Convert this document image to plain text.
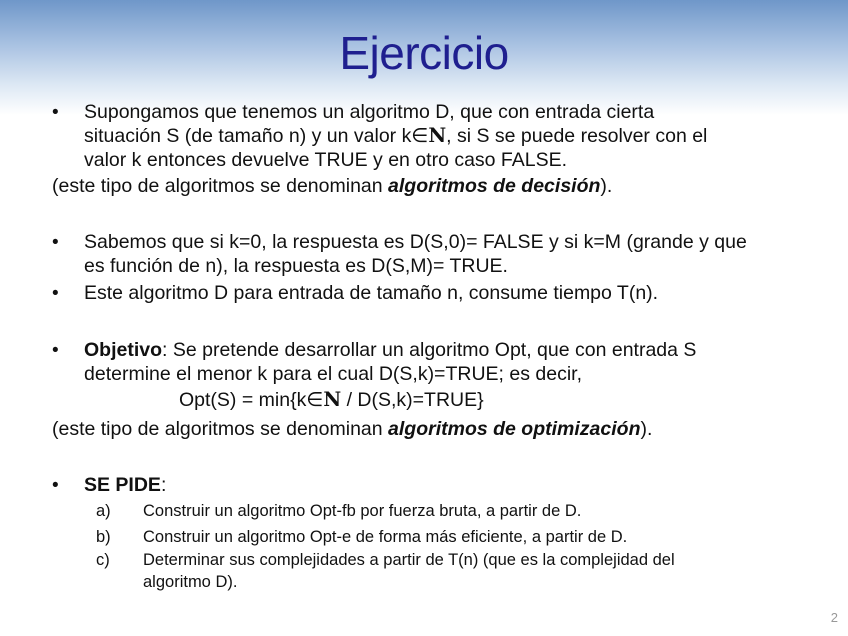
Ejercicio
• Supongamos que tenemos un algoritmo D, que con entrada cierta
situación S (de tamaño n) y un valor k∈N, si S se puede resolver con el
valor k entonces devuelve TRUE y en otro caso FALSE.
(este tipo de algoritmos se denominan algoritmos de decisión).
• Sabemos que si k=0, la respuesta es D(S,0)= FALSE y si k=M (grande y que
es función de n), la respuesta es D(S,M)= TRUE.
• Este algoritmo D para entrada de tamaño n, consume tiempo T(n).
• Objetivo: Se pretende desarrollar un algoritmo Opt, que con entrada S
determine el menor k para el cual D(S,k)=TRUE; es decir,
Opt(S) = min{k∈N / D(S,k)=TRUE}
(este tipo de algoritmos se denominan algoritmos de optimización).
• SE PIDE:
a) Construir un algoritmo Opt-fb por fuerza bruta, a partir de D.
b) Construir un algoritmo Opt-e de forma más eficiente, a partir de D.
c) Determinar sus complejidades a partir de T(n) (que es la complejidad del
algoritmo D).
2
